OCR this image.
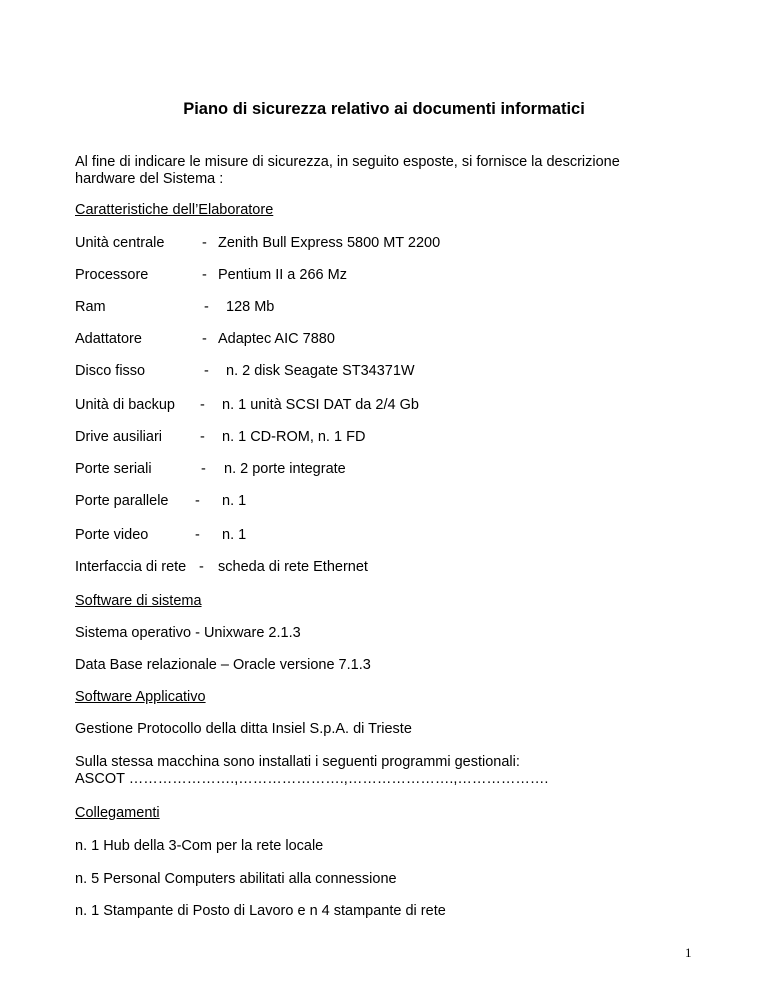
Piano di sicurezza relativo ai documenti informatici
Al fine di indicare le misure di sicurezza, in seguito esposte, si fornisce la descrizione
hardware del Sistema :
Caratteristiche dell’Elaboratore
Unità centrale	- Zenith Bull Express 5800 MT 2200
Processore	- Pentium II a 266 Mz
Ram	- 128 Mb
Adattatore	- Adaptec AIC 7880
Disco fisso	- n. 2 disk Seagate ST34371W
Unità di backup - n. 1 unità SCSI DAT da 2/4 Gb
Drive ausiliari	- n. 1 CD-ROM, n. 1 FD
Porte seriali	- n. 2 porte integrate
Porte parallele - n. 1
Porte video	- n. 1
Interfaccia di rete - scheda di rete Ethernet
Software di sistema
Sistema operativo - Unixware 2.1.3
Data Base relazionale – Oracle versione 7.1.3
Software Applicativo
Gestione Protocollo della ditta Insiel S.p.A. di Trieste
Sulla stessa macchina sono installati i seguenti programmi gestionali:
ASCOT ………………….,………………….,………………….,……………….
Collegamenti
n. 1 Hub della 3-Com per la rete locale
n. 5 Personal Computers abilitati alla connessione
n. 1 Stampante di Posto di Lavoro e n 4 stampante di rete
1
